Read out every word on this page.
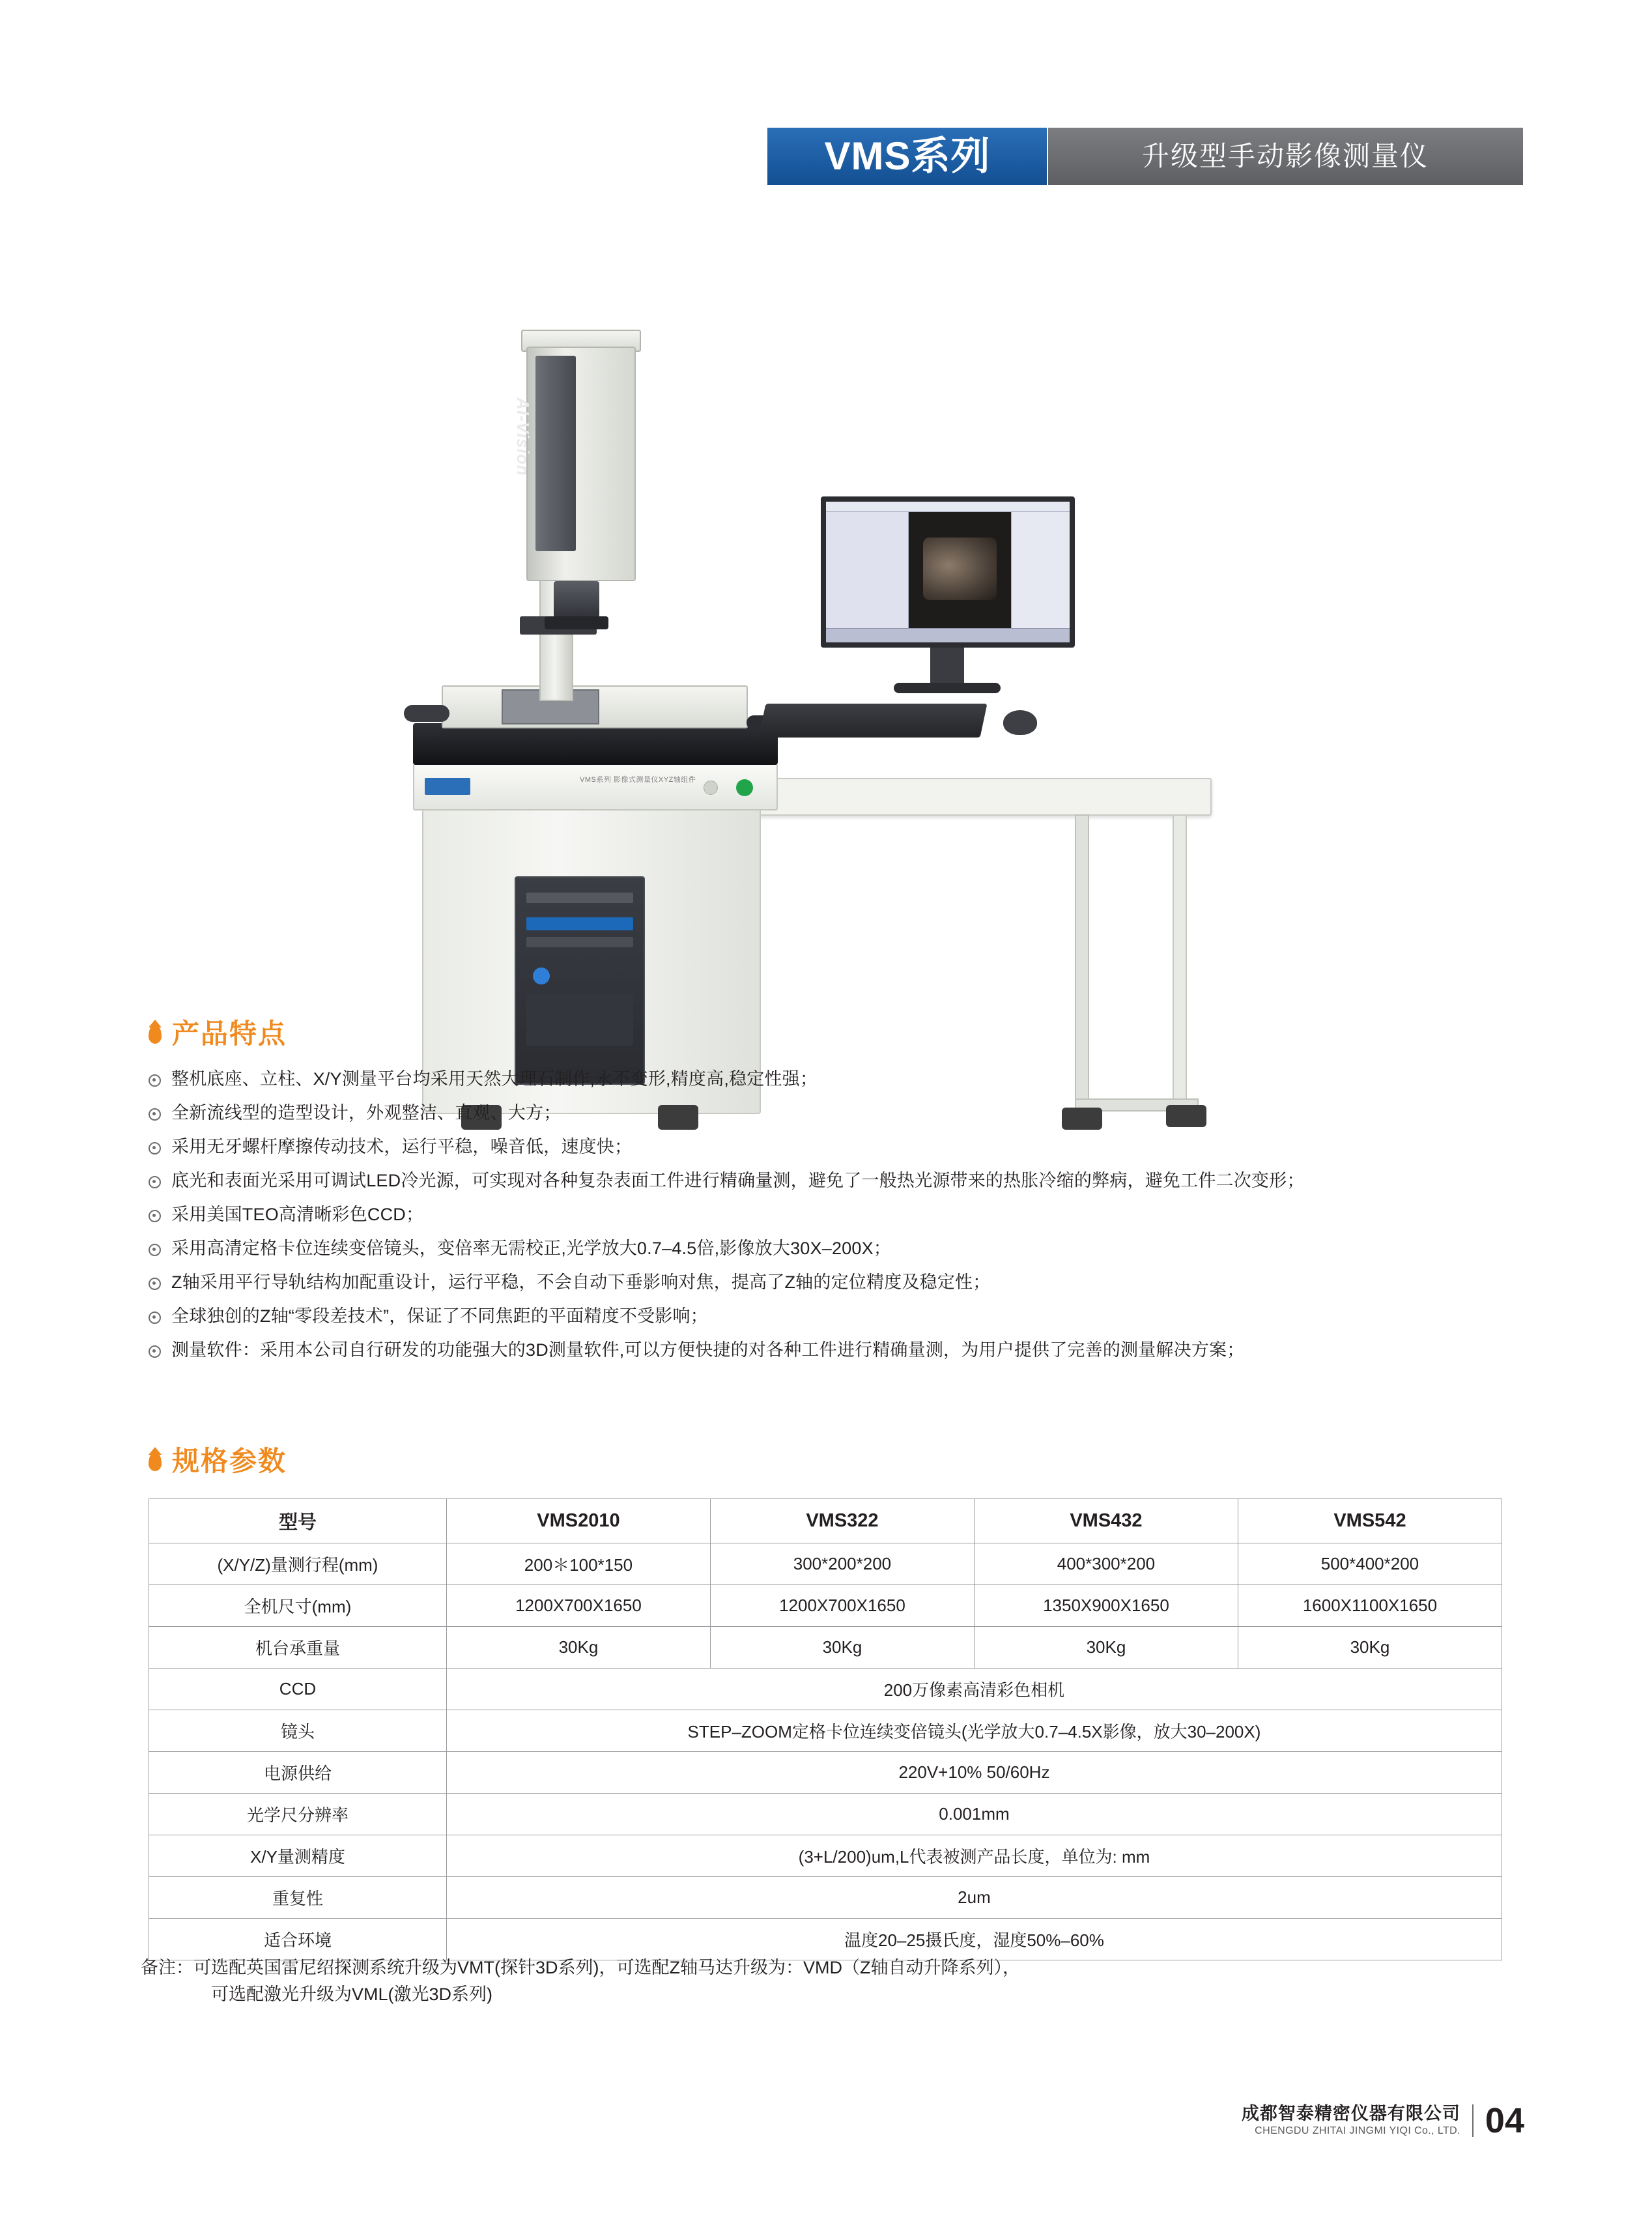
VMS系列	升级型手动影像测量仪
VMS系列 影像式测量仪XYZ轴组件
AI-Vision
产品特点
整机底座、立柱、X/Y测量平台均采用天然大理石制作,永不变形,精度高,稳定性强；
全新流线型的造型设计，外观整洁、直观、大方；
采用无牙螺杆摩擦传动技术，运行平稳，噪音低，速度快；
底光和表面光采用可调试LED冷光源，可实现对各种复杂表面工件进行精确量测，避免了一般热光源带来的热胀冷缩的弊病，避免工件二次变形；
采用美国TEO高清晰彩色CCD；
采用高清定格卡位连续变倍镜头，变倍率无需校正,光学放大0.7–4.5倍,影像放大30X–200X；
Z轴采用平行导轨结构加配重设计，运行平稳，不会自动下垂影响对焦，提高了Z轴的定位精度及稳定性；
全球独创的Z轴“零段差技术”，保证了不同焦距的平面精度不受影响；
测量软件：采用本公司自行研发的功能强大的3D测量软件,可以方便快捷的对各种工件进行精确量测，为用户提供了完善的测量解决方案；
规格参数
型号	VMS2010	VMS322	VMS432	VMS542
(X/Y/Z)量测行程(mm)	200＊100*150	300*200*200	400*300*200	500*400*200
全机尺寸(mm)	1200X700X1650	1200X700X1650	1350X900X1650	1600X1100X1650
机台承重量	30Kg	30Kg	30Kg	30Kg
CCD	200万像素高清彩色相机			
镜头	STEP–ZOOM定格卡位连续变倍镜头(光学放大0.7–4.5X影像，放大30–200X)			
电源供给	220V+10% 50/60Hz			
光学尺分辨率	0.001mm			
X/Y量测精度	(3+L/200)um,L代表被测产品长度，单位为: mm			
重复性	2um			
适合环境	温度20–25摄氏度，湿度50%–60%			
备注：可选配英国雷尼绍探测系统升级为VMT(探针3D系列)，可选配Z轴马达升级为：VMD（Z轴自动升降系列），
可选配激光升级为VML(激光3D系列)
成都智泰精密仪器有限公司
CHENGDU ZHITAI JINGMI YIQI Co., LTD. 04
